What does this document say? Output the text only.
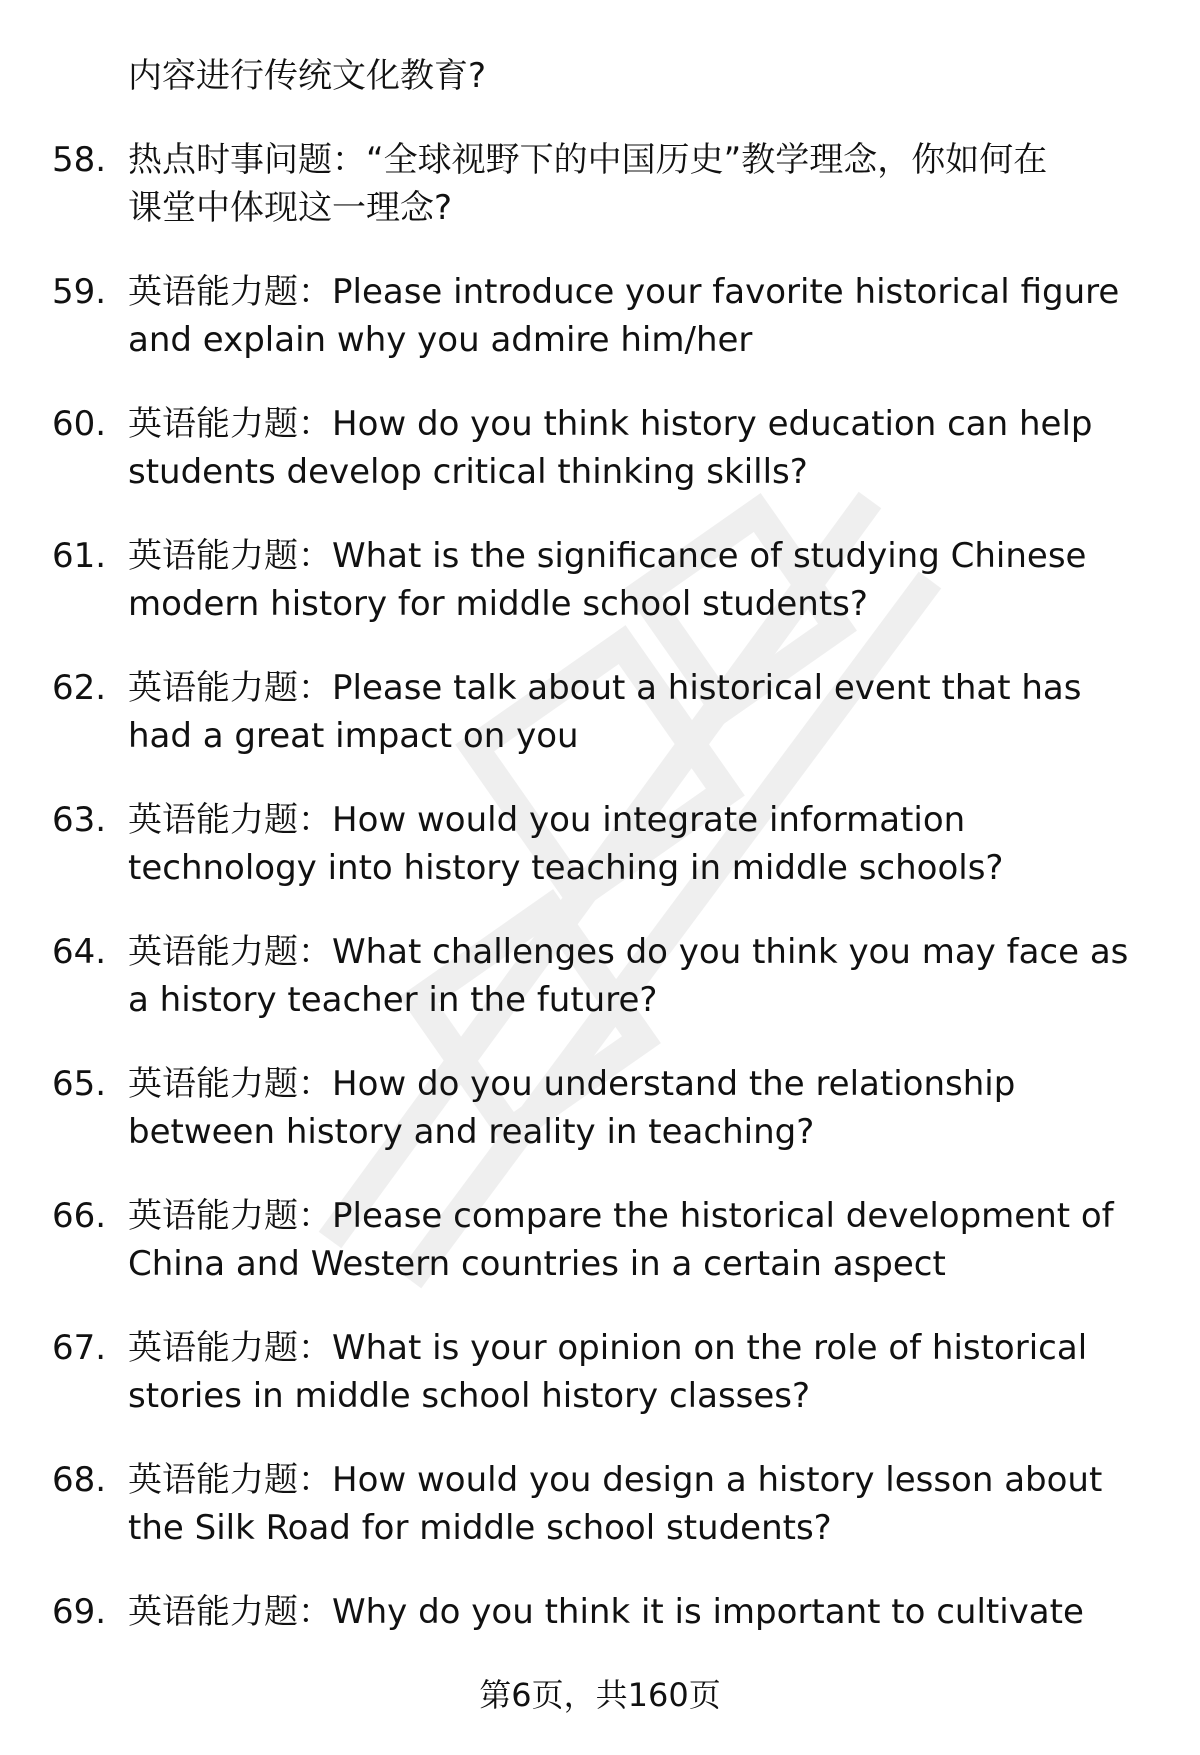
内容进行传统文化教育?
58. 热点时事问题：“全球视野下的中国历史”教学理念，你如何在
课堂中体现这一理念?
59. 英语能力题：Please introduce your favorite historical figure
and explain why you admire him/her
60. 英语能力题：How do you think history education can help
students develop critical thinking skills?
61. 英语能力题：What is the significance of studying Chinese
modern history for middle school students?
62. 英语能力题：Please talk about a historical event that has
had a great impact on you
63. 英语能力题：How would you integrate information
technology into history teaching in middle schools?
64. 英语能力题：What challenges do you think you may face as
a history teacher in the future?
65. 英语能力题：How do you understand the relationship
between history and reality in teaching?
66. 英语能力题：Please compare the historical development of
China and Western countries in a certain aspect
67. 英语能力题：What is your opinion on the role of historical
stories in middle school history classes?
68. 英语能力题：How would you design a history lesson about
the Silk Road for middle school students?
69. 英语能力题：Why do you think it is important to cultivate
第6页，共160页
